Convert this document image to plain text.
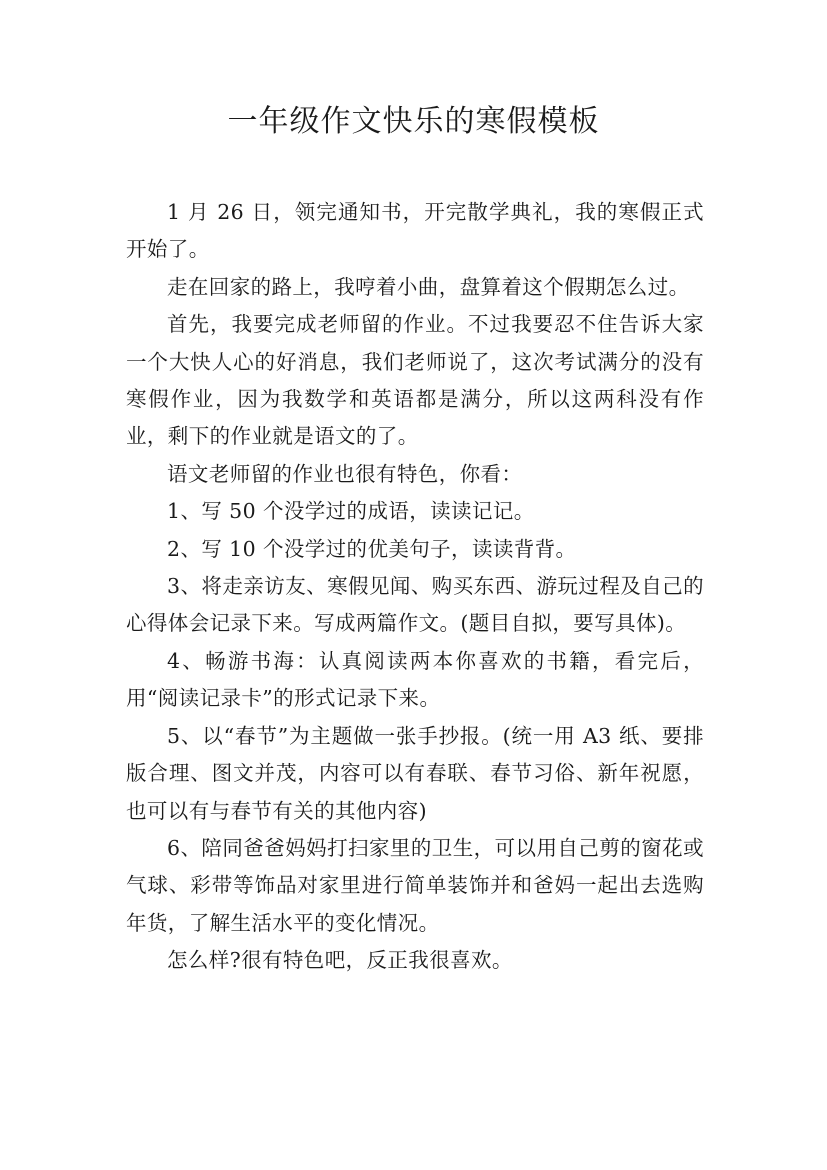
一年级作文快乐的寒假模板

1 月 26 日，领完通知书，开完散学典礼，我的寒假正式开始了。

走在回家的路上，我哼着小曲，盘算着这个假期怎么过。

首先，我要完成老师留的作业。不过我要忍不住告诉大家一个大快人心的好消息，我们老师说了，这次考试满分的没有寒假作业，因为我数学和英语都是满分，所以这两科没有作业，剩下的作业就是语文的了。

语文老师留的作业也很有特色，你看：

1、写 50 个没学过的成语，读读记记。

2、写 10 个没学过的优美句子，读读背背。

3、将走亲访友、寒假见闻、购买东西、游玩过程及自己的心得体会记录下来。写成两篇作文。(题目自拟，要写具体)。

4、畅游书海：认真阅读两本你喜欢的书籍，看完后，用“阅读记录卡”的形式记录下来。

5、以“春节”为主题做一张手抄报。(统一用 A3 纸、要排版合理、图文并茂，内容可以有春联、春节习俗、新年祝愿，也可以有与春节有关的其他内容)

6、陪同爸爸妈妈打扫家里的卫生，可以用自己剪的窗花或气球、彩带等饰品对家里进行简单装饰并和爸妈一起出去选购年货，了解生活水平的变化情况。

怎么样?很有特色吧，反正我很喜欢。
